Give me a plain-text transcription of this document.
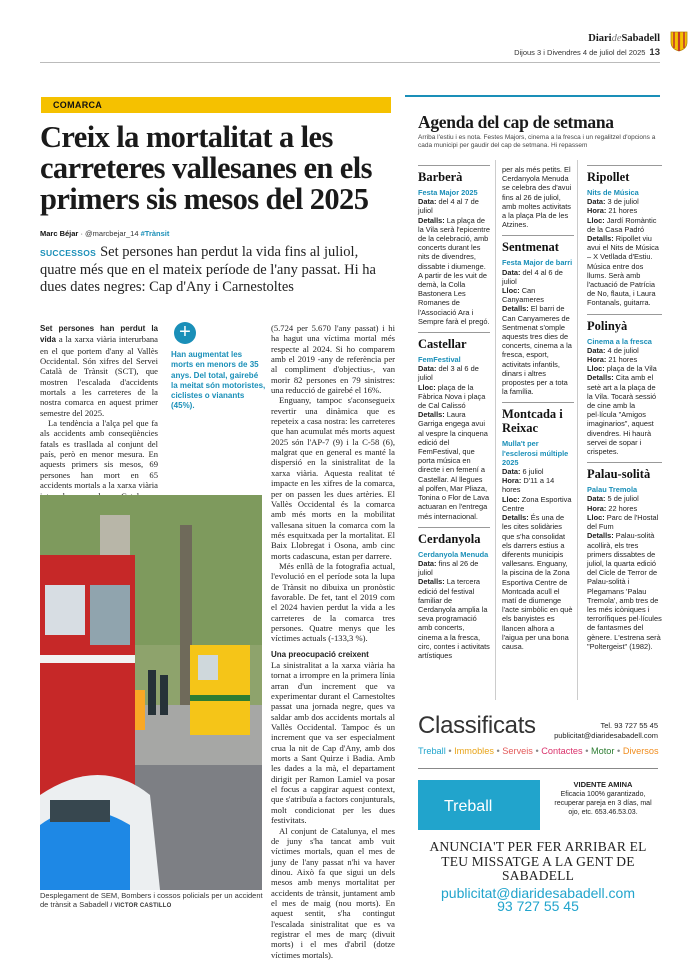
DiarideSabadell
Dijous 3 i Divendres 4 de juliol del 2025 13
COMARCA
Creix la mortalitat a les carreteres vallesanes en els primers sis mesos del 2025
Marc Béjar · @marcbejar_14 #Trànsit
SUCCESSOS Set persones han perdut la vida fins al juliol, quatre més que en el mateix període de l'any passat. Hi ha dues dates negres: Cap d'Any i Carnestoltes

Set persones han perdut la vida a la xarxa viària interurbana en el que portem d'any al Vallès Occidental. Són xifres del Servei Català de Trànsit (SCT), que mostren l'escalada d'accidents mortals a les carreteres de la nostra comarca en aquest primer semestre del 2025.

La tendència a l'alça pel que fa als accidents amb conseqüències fatals es trasllada al conjunt del país, però en menor mesura. En aquests primers sis mesos, 69 persones han mort en 65 accidents mortals a la xarxa viària

+
Han augmentat les morts en menors de 35 anys. Del total, gairebé la meitat són motoristes, ciclistes o vianants (45%).

(5.724 per 5.670 l'any passat) i hi ha hagut una víctima mortal més respecte al 2024. Si ho comparem amb el 2019 -any de referència per al compliment d'objectius-, van morir 82 persones en 79 sinistres: una reducció de gairebé el 16%.

Enguany, tampoc s'aconsegueix revertir una dinàmica que es repeteix a casa nostra: les carreteres que han acumulat més morts aquest 2025 són l'AP-7 (9) i la C-58 (6), malgrat que en general es manté la dispersió en la sinistralitat de la xarxa viària. Aquesta realitat té impacte en les xifres de la comarca, per on passen les dues artèries. El Vallès Occidental és la comarca amb més morts en la mobilitat vallesana situen la comarca com la més esquitxada per la mortalitat. El Baix Llobregat i Osona, amb cinc morts cadascuna, estan per darrere.

Més enllà de la fotografia actual, l'evolució en el període sota la lupa de Trànsit no dibuixa un pronòstic favorable. De fet, tant el 2019 com el 2024 havien perdut la vida a les carreteres de la comarca tres persones. Quatre menys que les víctimes actuals (-133,3 %).

Una preocupació creixent

La sinistralitat a la xarxa viària ha tornat a irrompre en la primera línia arran d'un increment que va experimentar durant el Carnestoltes passat una jornada negre, ques va saldar amb dos accidents mortals al Vallès Occidental. Tampoc és un increment que va ser especialment crua la nit de Cap d'Any, amb dos morts a Sant Quirze i Badia. Amb les dades a la mà, el departament dirigit per Ramon Lamiel va posar el focus a capgirar aquest context, que s'atribuïa a factors conjunturals, molt condicionat per les dues festivitats.

Al conjunt de Catalunya, el mes de juny s'ha tancat amb vuit víctimes mortals, quan el mes de juny de l'any passat n'hi va haver dinou. Això fa que sigui un dels mesos amb menys mortalitat per accidents de trànsit, juntament amb el mes de maig (nou morts). En aquest sentit, s'ha contingut l'escalada sinistralitat que es va registrar el mes de març (divuit morts) i el mes d'abril (dotze víctimes mortals).

Desplegament de SEM, Bombers i cossos policials per un accident de trànsit a Sabadell / VICTOR CASTILLO
Agenda del cap de setmana
Arriba l'estiu i es nota. Festes Majors, cinema a la fresca i un regalitzel d'opcions a cada municipi per gaudir del cap de setmana. Hi repassem
Barberà
Festa Major 2025
Data: del 4 al 7 de juliol
Detalls: La plaça de la Vila serà l'epicentre de la celebració, amb concerts durant les nits de divendres, dissabte i diumenge. A partir de les vuit de demà, la Colla Bastonera Les Romanes de l'Associació Ara i Sempre farà el pregó.
Castellar
FemFestival
Data: del 3 al 6 de juliol
Lloc: plaça de la Fàbrica Nova i plaça de Cal Calissó
Detalls: Laura Garriga engega avui al vespre la cinquena edició del FemFestival, que porta música en directe i en femení a Castellar. Al llegues al polfen, Mar Pliaza, Tonina o Flor de Lava actuaran en l'entrega més internacional.
Cerdanyola
Cerdanyola Menuda
Data: fins al 26 de juliol
Detalls: La tercera edició del festival familiar de Cerdanyola amplia la seva programació amb concerts, cinema a la fresca, circ, contes i activitats artístiques
per als més petits. El Cerdanyola Menuda se celebra des d'avui fins al 26 de juliol, amb moltes activitats a la plaça Pla de les Atzines.
Sentmenat
Festa Major de barri
Data: del 4 al 6 de juliol
Lloc: Can Canyameres
Detalls: El barri de Can Canyameres de Sentmenat s'omple aquests tres dies de concerts, cinema a la fresca, esport, activitats infantils, dinars i altres propostes per a tota la família.
Montcada i Reixac
Mulla't per l'esclerosi múltiple 2025
Data: 6 juliol
Hora: D'11 a 14 hores
Lloc: Zona Esportiva Centre
Detalls: És una de les cites solidàries que s'ha consolidat els darrers estius a diferents municipis vallesans. Enguany, la piscina de la Zona Esportiva Centre de Montcada acull el matí de diumenge l'acte simbòlic en què els banyistes es llancen alhora a l'aigua per una bona causa.
Ripollet
Nits de Música
Data: 3 de juliol
Hora: 21 hores
Lloc: Jardí Romàntic de la Casa Padró
Detalls: Ripollet viu avui el Nits de Música – X Vetllada d'Estiu. Música entre dos llums. Serà amb l'actuació de Patrícia de No, flauta, i Laura Fontanals, guitarra.
Polinyà
Cinema a la fresca
Data: 4 de juliol
Hora: 21 hores
Lloc: plaça de la Vila
Detalls: Cita amb el setè art a la plaça de la Vila. Tocarà sessió de cine amb la pel·lícula "Amigos imaginarios", aquest divendres. Hi haurà servei de sopar i crispetes.
Palau-solità
Palau Tremola
Data: 5 de juliol
Hora: 22 hores
Lloc: Parc de l'Hostal del Fum
Detalls: Palau-solità acollirà, els tres primers dissabtes de juliol, la quarta edició del Cicle de Terror de Palau-solità i Plegamans 'Palau Tremola', amb tres de les més icòniques i terrorífiques pel·lícules de fantasmes del gènere. L'estrena serà "Poltergeist" (1982).
Classificats	Tel. 93 727 55 45
publicitat@diaridesabadell.com
Treball • Immobles • Serveis • Contactes • Motor • Diversos
Treball
VIDENTE AMINA
Eficacia 100% garantizado, recuperar pareja en 3 días, mal ojo, etc. 653.46.53.03.
ANUNCIA'T PER FER ARRIBAR EL TEU MISSATGE A LA GENT DE SABADELL
publicitat@diaridesabadell.com
93 727 55 45
